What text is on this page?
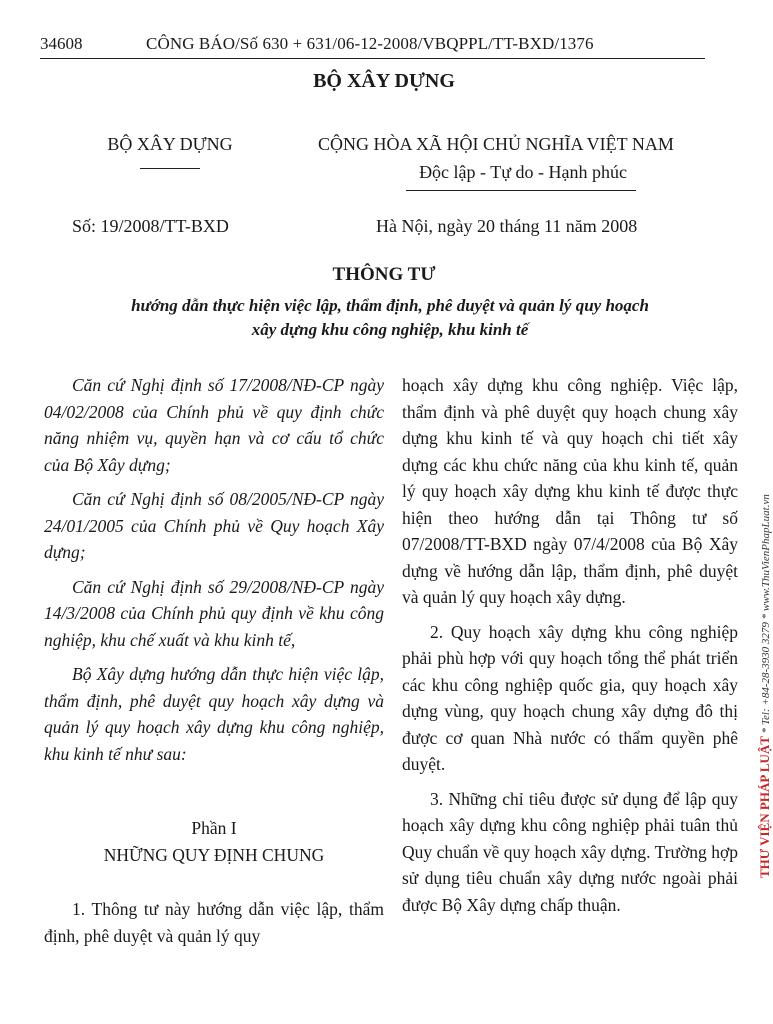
34608	CÔNG BÁO/Số 630 + 631/06-12-2008/VBQPPL/TT-BXD/1376
BỘ XÂY DỰNG
BỘ XÂY DỰNG	CỘNG HÒA XÃ HỘI CHỦ NGHĨA VIỆT NAM
Độc lập - Tự do - Hạnh phúc
Số: 19/2008/TT-BXD	Hà Nội, ngày 20 tháng 11 năm 2008
THÔNG TƯ
hướng dẫn thực hiện việc lập, thẩm định, phê duyệt và quản lý quy hoạch
xây dựng khu công nghiệp, khu kinh tế

Căn cứ Nghị định số 17/2008/NĐ-CP ngày 04/02/2008 của Chính phủ về quy định chức năng nhiệm vụ, quyền hạn và cơ cấu tổ chức của Bộ Xây dựng;

Căn cứ Nghị định số 08/2005/NĐ-CP ngày 24/01/2005 của Chính phủ về Quy hoạch Xây dựng;

Căn cứ Nghị định số 29/2008/NĐ-CP ngày 14/3/2008 của Chính phủ quy định về khu công nghiệp, khu chế xuất và khu kinh tế,

Bộ Xây dựng hướng dẫn thực hiện việc lập, thẩm định, phê duyệt quy hoạch xây dựng và quản lý quy hoạch xây dựng khu công nghiệp, khu kinh tế như sau:

Phần I

NHỮNG QUY ĐỊNH CHUNG

1. Thông tư này hướng dẫn việc lập, thẩm định, phê duyệt và quản lý quy

hoạch xây dựng khu công nghiệp. Việc lập, thẩm định và phê duyệt quy hoạch chung xây dựng khu kinh tế và quy hoạch chi tiết xây dựng các khu chức năng của khu kinh tế, quản lý quy hoạch xây dựng khu kinh tế được thực hiện theo hướng dẫn tại Thông tư số 07/2008/TT-BXD ngày 07/4/2008 của Bộ Xây dựng về hướng dẫn lập, thẩm định, phê duyệt và quản lý quy hoạch xây dựng.

2. Quy hoạch xây dựng khu công nghiệp phải phù hợp với quy hoạch tổng thể phát triển các khu công nghiệp quốc gia, quy hoạch xây dựng vùng, quy hoạch chung xây dựng đô thị được cơ quan Nhà nước có thẩm quyền phê duyệt.

3. Những chỉ tiêu được sử dụng để lập quy hoạch xây dựng khu công nghiệp phải tuân thủ Quy chuẩn về quy hoạch xây dựng. Trường hợp sử dụng tiêu chuẩn xây dựng nước ngoài phải được Bộ Xây dựng chấp thuận.

THƯ VIỆN PHÁP LUẬT * Tel: +84-28-3930 3279 * www.ThuVienPhapLuat.vn
